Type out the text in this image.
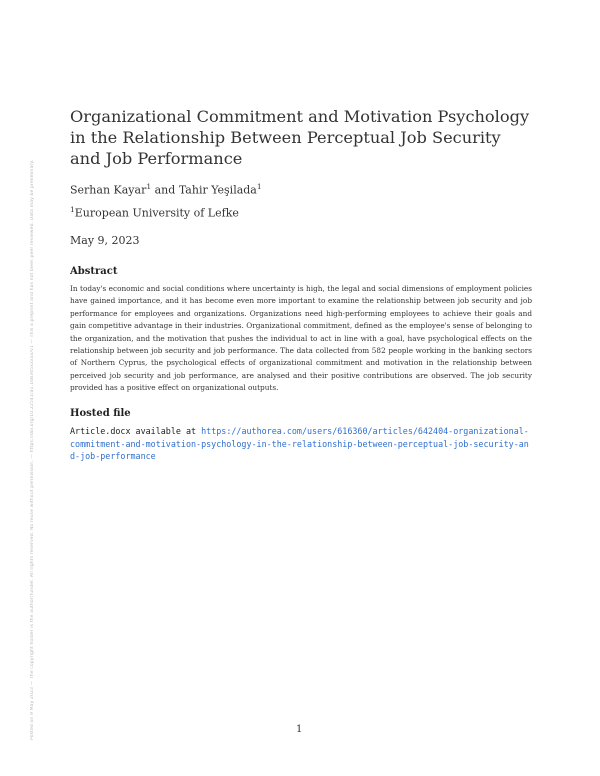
Posted on 9 May 2023 — The copyright holder is the author/funder. All rights reserved. No reuse without permission. — https://doi.org/10.22541/au.168365xxxxx/v1 — This a preprint and has not been peer reviewed. Data may be preliminary.
Organizational Commitment and Motivation Psychology in the Relationship Between Perceptual Job Security and Job Performance
Serhan Kayar$^1$ and Tahir Yeşilada$^1$
$^1$European University of Lefke
May 9, 2023
Abstract

In today's economic and social conditions where uncertainty is high, the legal and social dimensions of employment policies have gained importance, and it has become even more important to examine the relationship between job security and job performance for employees and organizations. Organizations need high-performing employees to achieve their goals and gain competitive advantage in their industries. Organizational commitment, defined as the employee's sense of belonging to the organization, and the motivation that pushes the individual to act in line with a goal, have psychological effects on the relationship between job security and job performance. The data collected from 582 people working in the banking sectors of Northern Cyprus, the psychological effects of organizational commitment and motivation in the relationship between perceived job security and job performance, are analysed and their positive contributions are observed. The job security provided has a positive effect on organizational outputs.

Hosted file

Article.docx available at https://authorea.com/users/616360/articles/642404-organizational-commitment-and-motivation-psychology-in-the-relationship-between-perceptual-job-security-and-job-performance

1
